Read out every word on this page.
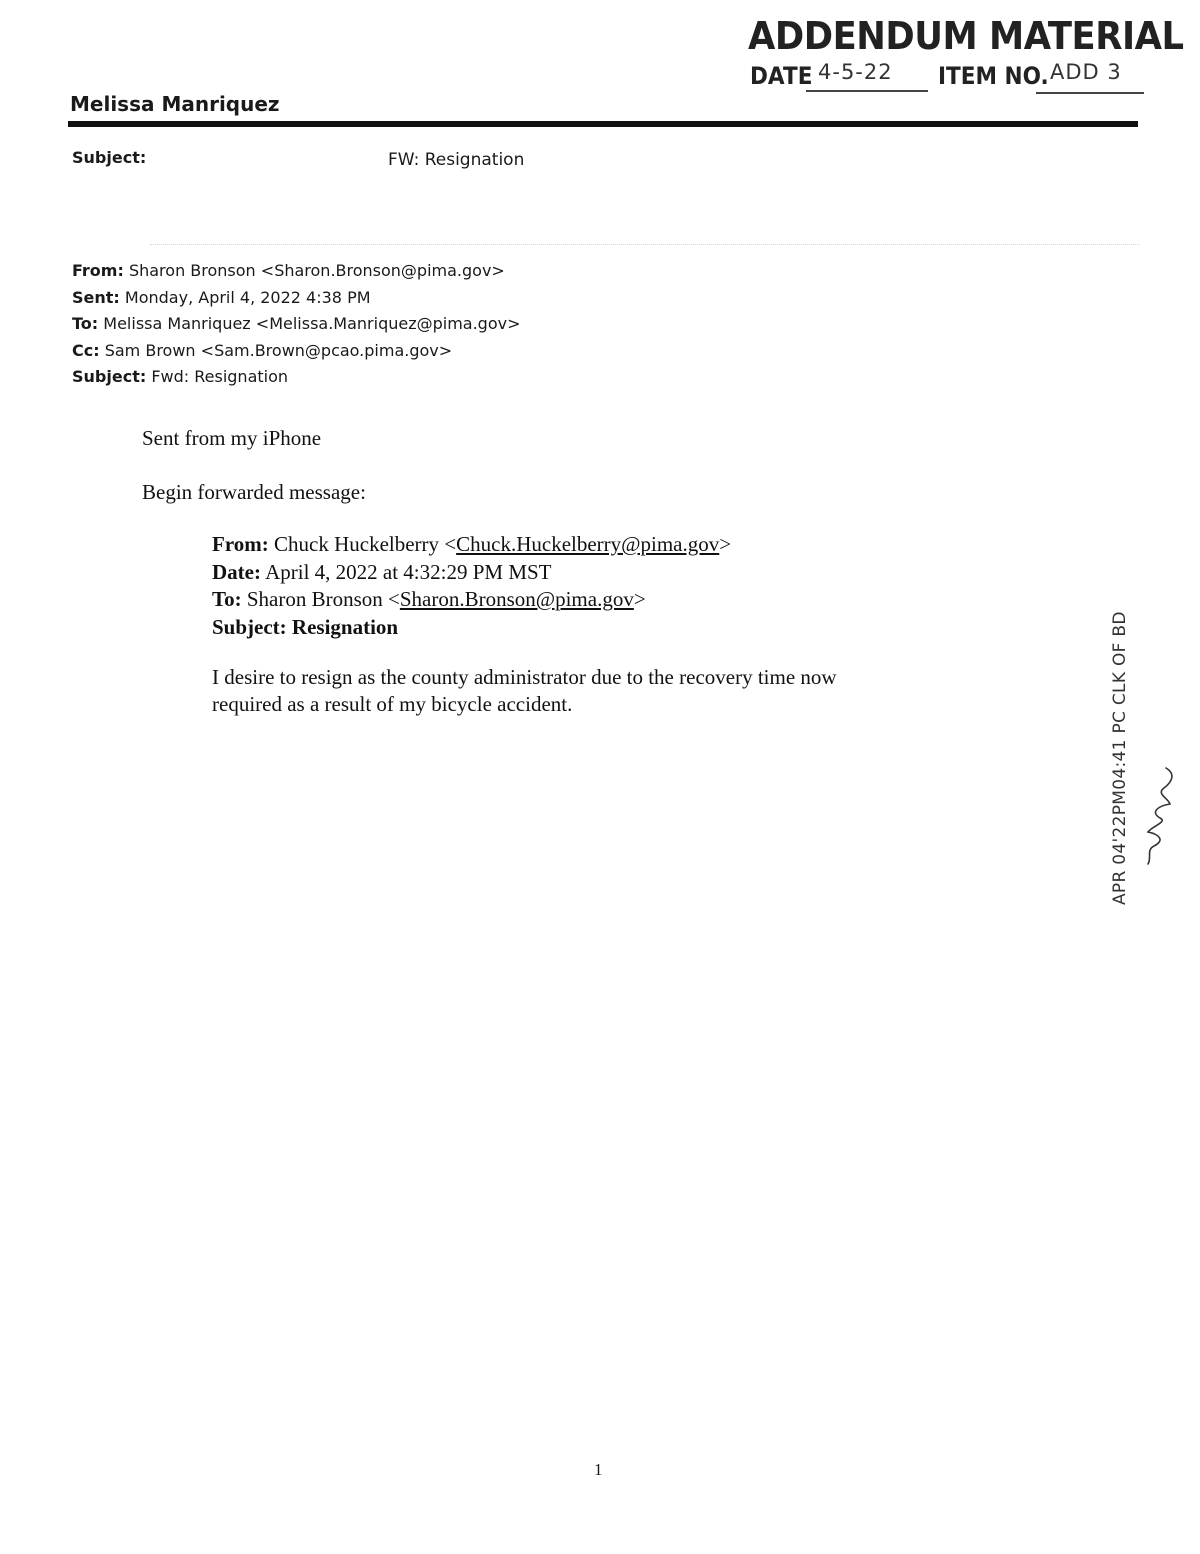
ADDENDUM MATERIAL
DATE 4-5-22 ITEM NO. ADD 3
Melissa Manriquez
Subject:	FW: Resignation
From: Sharon Bronson <Sharon.Bronson@pima.gov>
Sent: Monday, April 4, 2022 4:38 PM
To: Melissa Manriquez <Melissa.Manriquez@pima.gov>
Cc: Sam Brown <Sam.Brown@pcao.pima.gov>
Subject: Fwd: Resignation
Sent from my iPhone
Begin forwarded message:
From: Chuck Huckelberry <Chuck.Huckelberry@pima.gov>
Date: April 4, 2022 at 4:32:29 PM MST
To: Sharon Bronson <Sharon.Bronson@pima.gov>
Subject: Resignation
I desire to resign as the county administrator due to the recovery time now
required as a result of my bicycle accident.	APR 04'22PM04:41 PC CLK OF BD
1
